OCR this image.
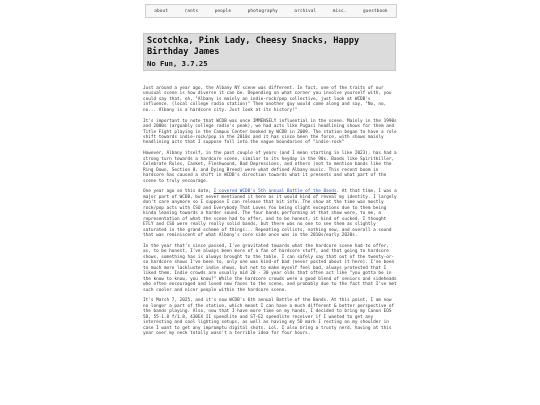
about	rants	people	photography	archival	misc.	guestbook
Scotchka, Pink Lady, Cheesy Snacks, Happy Birthday James
No Fun, 3.7.25

Just around a year ago, the Albany NY scene was different. In fact, one of the traits of our unusual scene is how diverse it can be. Depending on what corner you involve yourself with, you could say that, oh, "Albany is mainly an indie-rock/pop collective, just look at WCDB's influence. (local college radio station)" Then another guy would come along and say, "No, no, no... Albany is a hardcore city. Just look at its history!"

It's important to note that WCDB was once IMMENSELY influential in the scene. Mainly in the 1990s and 2000s (arguably college radio's peak), we had acts like Pugaci headlining shows for them and Title Fight playing in the Campus Center booked by WCDB in 2009. The station began to have a role shift towards indie-rock/pop in the 2010s and it has since been the force, with shows mainly headlining acts that I suppose fall into the vague boundaries of "indie-rock"

However, Albany itself, in the past couple of years (and I mean starting in like 2023), has had a strong turn towards a hardcore scene, similar to its heyday in the 90s. Bands like Spiritkiller, Celebrate Rules, Casket, Fleshwound, Bad Depressions, and others (not to mention bands like the Ring Down, Section 8, and Dying Breed) were what defined Albany music. This recent boom in hardcore has caused a shift in WCDB's direction towards what it presents and what part of the scene to truly encourage.

One year ago on this date, I covered WCDB's 5th annual Battle of the Bands. At that time, I was a major part of WCDB, but never mentioned it here as it would kind of reveal my identity. I largely don't care anymore so I suppose I can release that bit info. The show at the time was mostly rock/pop acts with CSO and Everybody That Loves You being slight exceptions due to them being kinda leaning towards a harder sound. The four bands performing at that show were, to me, a representation of what the scene had to offer, and to be honest, it kind of sucked. I thought ETLY and CSO were really really solid bands, but there was no one to see them as slightly saturated in the grand scheme of things... Repeating cellists, nothing new, and overall a sound that was reminiscent of what Albany's core side once was in the 2010s/early 2020s.

In the year that's since passed, I've gravitated towards what the hardcore scene had to offer, as, to be honest, I've always been more of a fan of hardcore stuff, and that going to hardcore shows, something has is always brought to the table. I can safely say that out of the twenty-or-so hardcore shows I've been to, only one was kind-of bad (never posted about it here). I've been to much more lackluster indie shows, but not to make myself feel bad, always protested that I liked them. Indie crowds are usually mid 20 - 30 year olds that often act like "you gotta be in the know to know, you know?" While the hardcore crowds were a good blend of seniors and sideheads who often encouraged and loved new faces to the scene, and probably due to the fact that I've met such cooler and nicer people within the hardcore scene.

It's March 7, 2025, and it's now WCDB's 6th annual Battle of the Bands. At this point, I am now no longer a part of the station, which meant I can have a much different & better perspective of the bands playing. Also, now that I have more time on my hands, I decided to bring my Canon EOS 5D, 55-1.8 f/1.8, 430EX II speedlite and ST-E2 speedlite receiver if I wanted to get any interesting and cool lighting setups, as well as having my 5D mark I resting on my shoulder in case I want to get any impromptu digital shots. Lol. I also bring a trusty nerd, having at this year over my neck totally wasn't a terrible idea for four hours.
